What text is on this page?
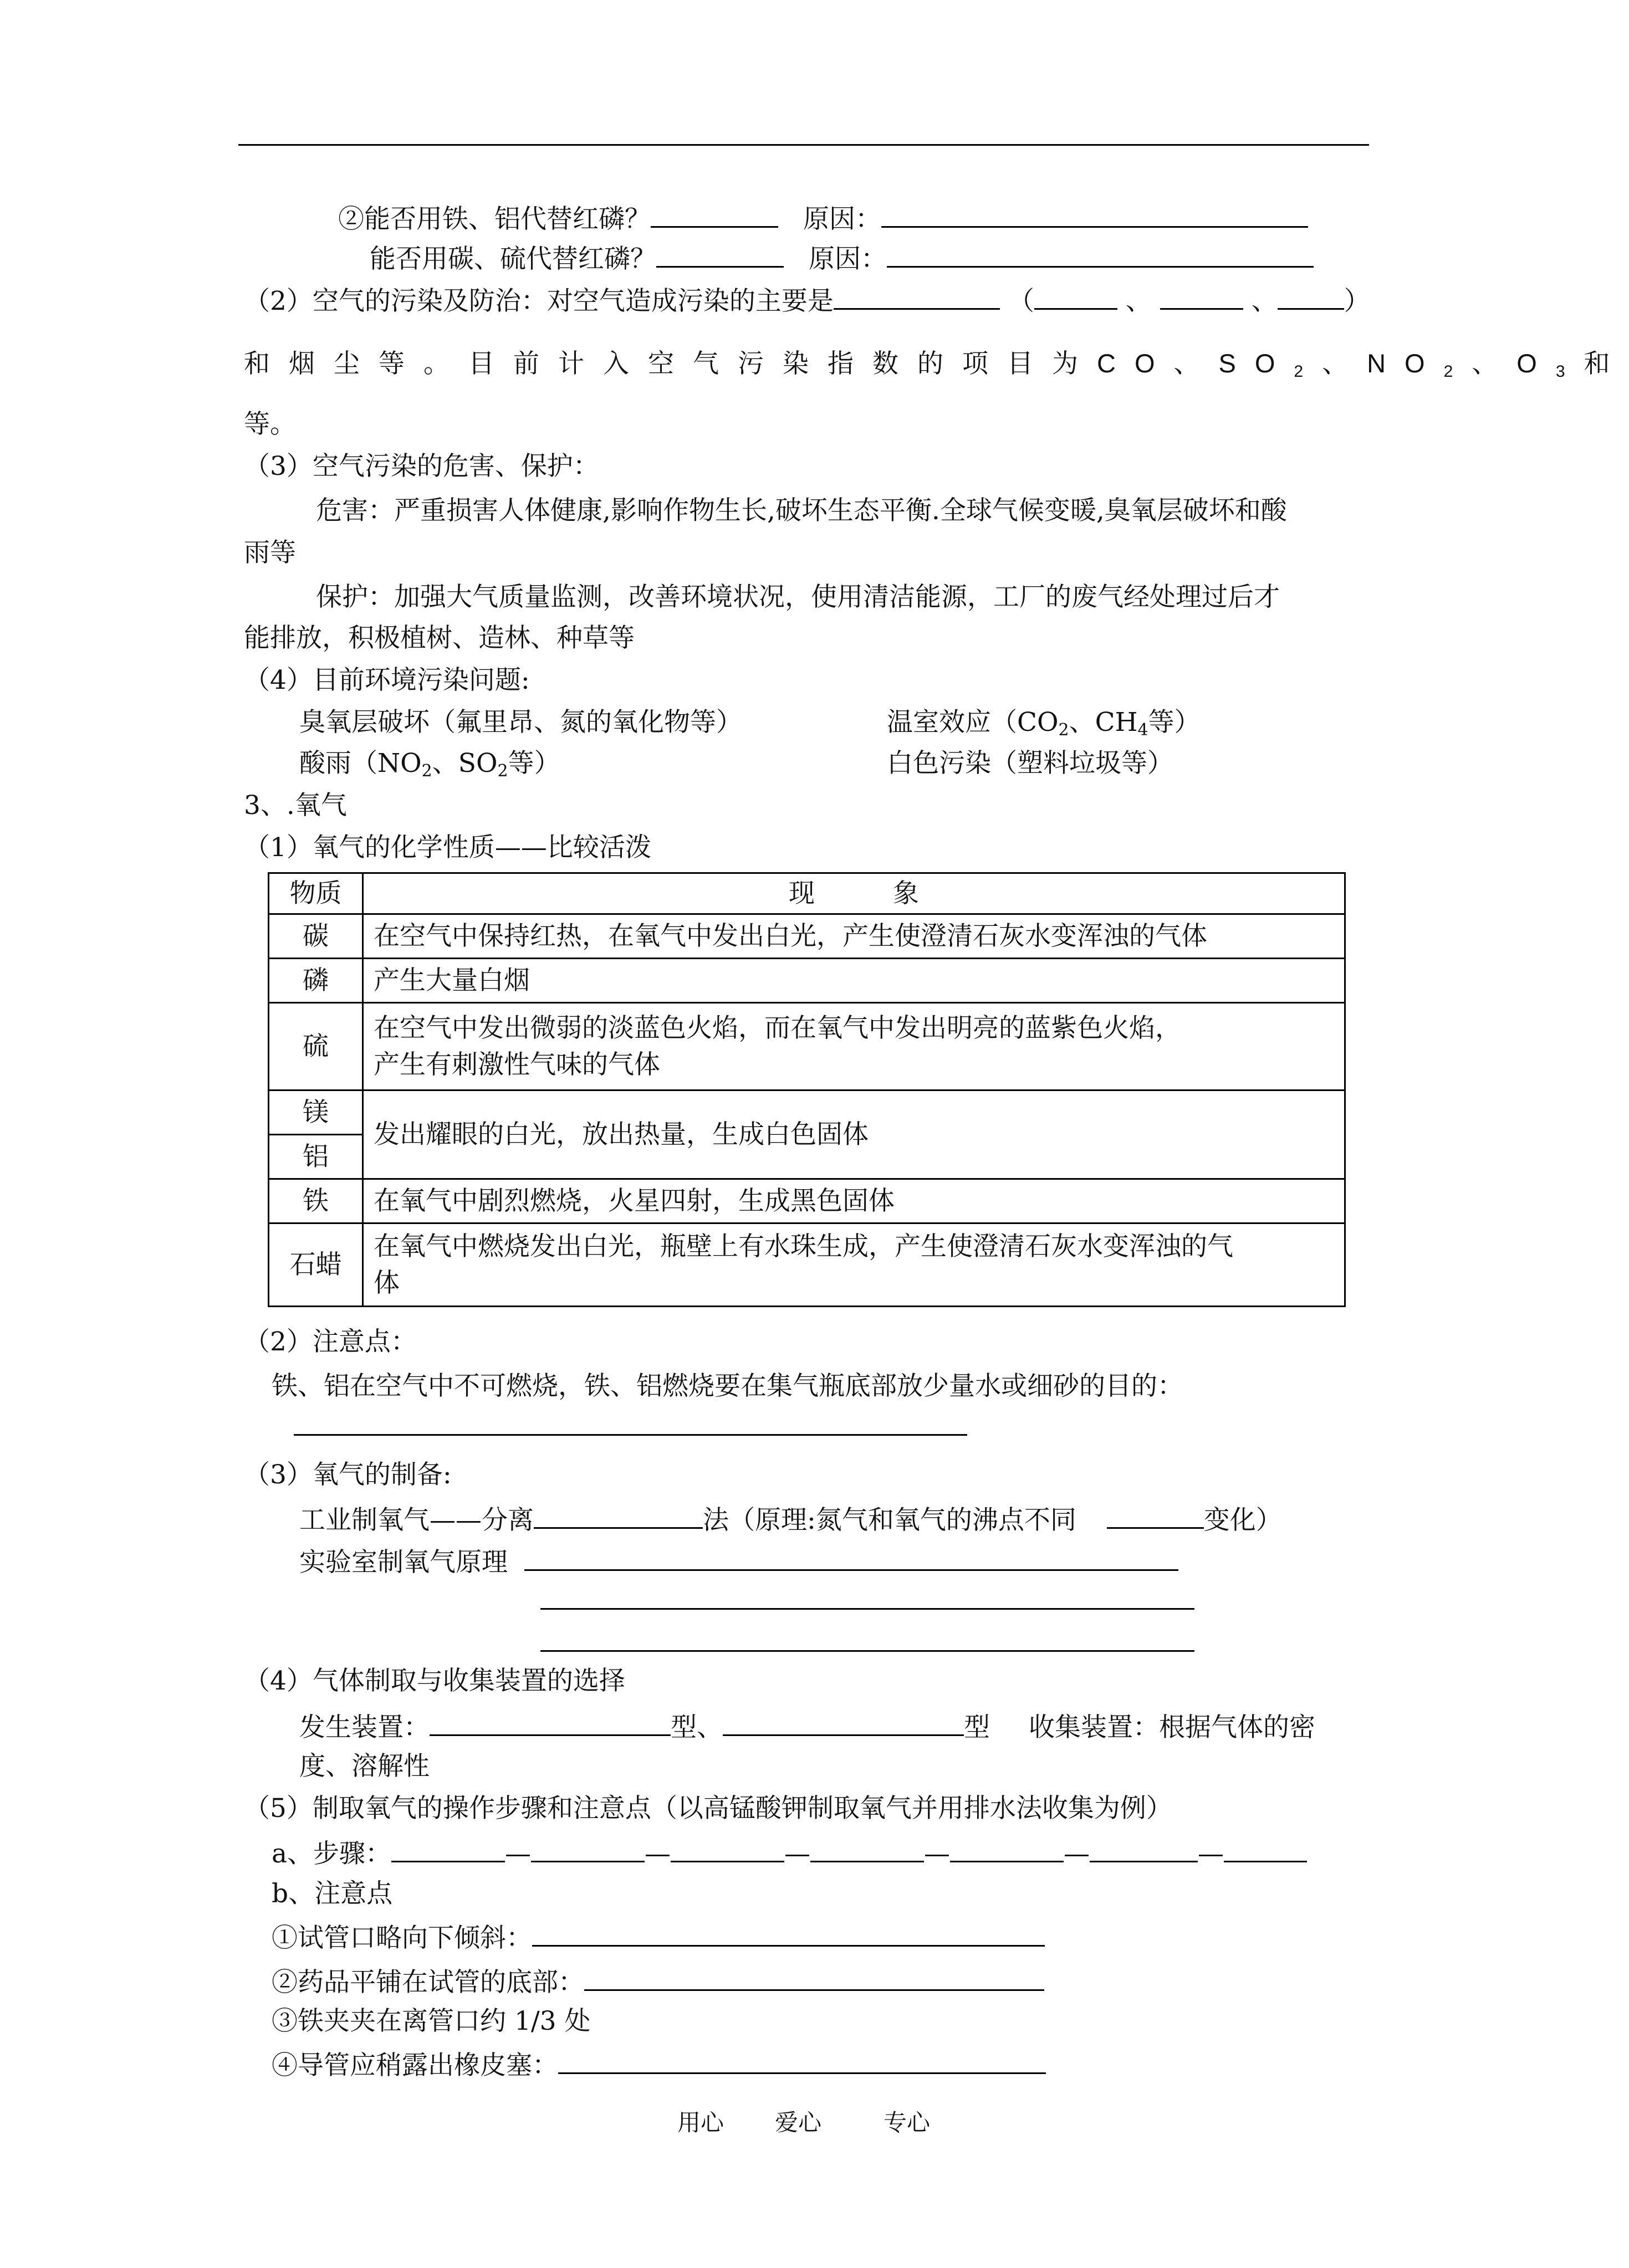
②能否用铁、铝代替红磷？	原因：
能否用碳、硫代替红磷？	原因：
（2）空气的污染及防治：对空气造成污染的主要是	（	、	、	）
和烟尘等。目前计入空气污染指数的项目为CO、$SO_2$、$NO_2$、$O_3$和
等。
（3）空气污染的危害、保护：
危害：严重损害人体健康,影响作物生长,破坏生态平衡.全球气候变暖,臭氧层破坏和酸
雨等
保护：加强大气质量监测，改善环境状况，使用清洁能源，工厂的废气经处理过后才
能排放，积极植树、造林、种草等
（4）目前环境污染问题:
臭氧层破坏（氟里昂、氮的氧化物等）	温室效应（$CO_2$、$CH_4$等）
酸雨（$NO_2$、$SO_2$等）	白色污染（塑料垃圾等）
3、.氧气
（1）氧气的化学性质——比较活泼
物质	现　　　象
碳	在空气中保持红热，在氧气中发出白光，产生使澄清石灰水变浑浊的气体
磷	产生大量白烟
硫	在空气中发出微弱的淡蓝色火焰，而在氧气中发出明亮的蓝紫色火焰，
产生有刺激性气味的气体

镁	发出耀眼的白光，放出热量，生成白色固体
铝	
铁	在氧气中剧烈燃烧，火星四射，生成黑色固体
石蜡	在氧气中燃烧发出白光，瓶壁上有水珠生成，产生使澄清石灰水变浑浊的气
体
（2）注意点：
铁、铝在空气中不可燃烧，铁、铝燃烧要在集气瓶底部放少量水或细砂的目的：
（3）氧气的制备:
工业制氧气——分离	法（原理:氮气和氧气的沸点不同	变化）
实验室制氧气原理
（4）气体制取与收集装置的选择
发生装置：	型、	型 收集装置：根据气体的密
度、溶解性
（5）制取氧气的操作步骤和注意点（以高锰酸钾制取氧气并用排水法收集为例）
a、步骤：	—	—	—	—	—	—
b、注意点
①试管口略向下倾斜：
②药品平铺在试管的底部：
③铁夹夹在离管口约 1/3 处
④导管应稍露出橡皮塞：
用心 爱心	专心
